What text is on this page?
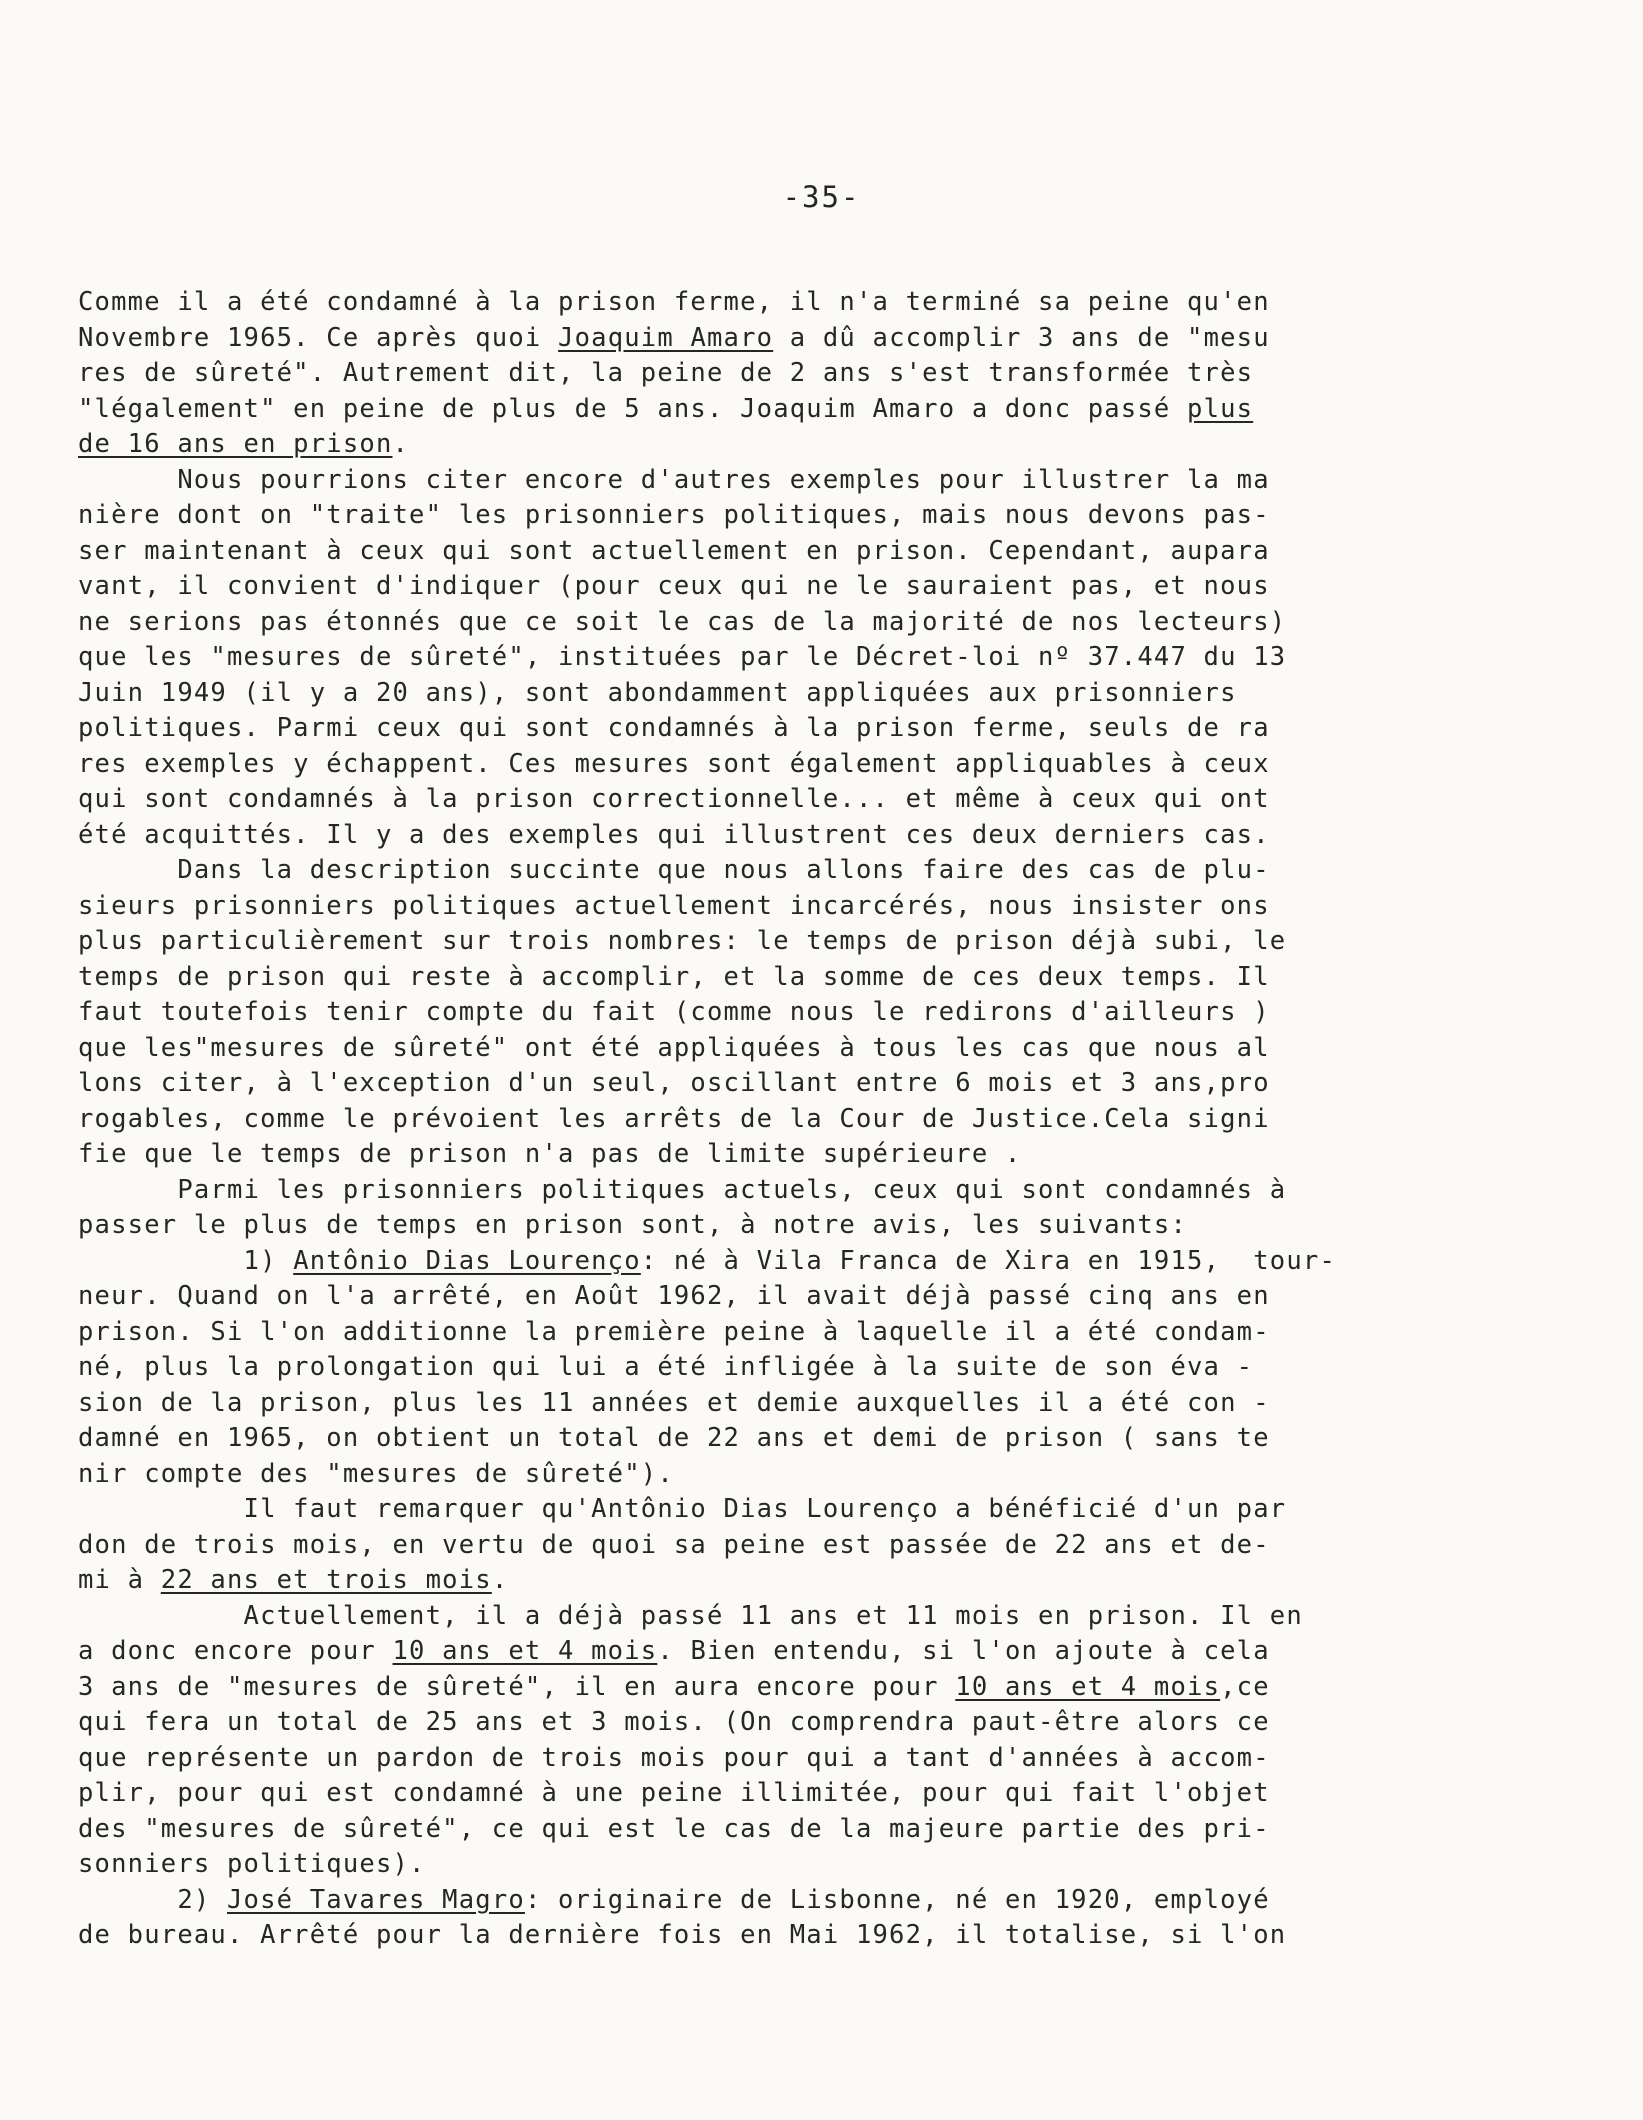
-35-
Comme il a été condamné à la prison ferme, il n'a terminé sa peine qu'en
Novembre 1965. Ce après quoi Joaquim Amaro a dû accomplir 3 ans de "mesu
res de sûreté". Autrement dit, la peine de 2 ans s'est transformée très
"légalement" en peine de plus de 5 ans. Joaquim Amaro a donc passé plus
de 16 ans en prison.
Nous pourrions citer encore d'autres exemples pour illustrer la ma
nière dont on "traite" les prisonniers politiques, mais nous devons pas-
ser maintenant à ceux qui sont actuellement en prison. Cependant, aupara
vant, il convient d'indiquer (pour ceux qui ne le sauraient pas, et nous
ne serions pas étonnés que ce soit le cas de la majorité de nos lecteurs)
que les "mesures de sûreté", instituées par le Décret-loi nº 37.447 du 13
Juin 1949 (il y a 20 ans), sont abondamment appliquées aux prisonniers
politiques. Parmi ceux qui sont condamnés à la prison ferme, seuls de ra
res exemples y échappent. Ces mesures sont également appliquables à ceux
qui sont condamnés à la prison correctionnelle... et même à ceux qui ont
été acquittés. Il y a des exemples qui illustrent ces deux derniers cas.
Dans la description succinte que nous allons faire des cas de plu-
sieurs prisonniers politiques actuellement incarcérés, nous insister ons
plus particulièrement sur trois nombres: le temps de prison déjà subi, le
temps de prison qui reste à accomplir, et la somme de ces deux temps. Il
faut toutefois tenir compte du fait (comme nous le redirons d'ailleurs )
que les"mesures de sûreté" ont été appliquées à tous les cas que nous al
lons citer, à l'exception d'un seul, oscillant entre 6 mois et 3 ans,pro
rogables, comme le prévoient les arrêts de la Cour de Justice.Cela signi
fie que le temps de prison n'a pas de limite supérieure .
Parmi les prisonniers politiques actuels, ceux qui sont condamnés à
passer le plus de temps en prison sont, à notre avis, les suivants:
1) Antônio Dias Lourenço: né à Vila Franca de Xira en 1915,  tour-
neur. Quand on l'a arrêté, en Août 1962, il avait déjà passé cinq ans en
prison. Si l'on additionne la première peine à laquelle il a été condam-
né, plus la prolongation qui lui a été infligée à la suite de son éva -
sion de la prison, plus les 11 années et demie auxquelles il a été con -
damné en 1965, on obtient un total de 22 ans et demi de prison ( sans te
nir compte des "mesures de sûreté").
Il faut remarquer qu'Antônio Dias Lourenço a bénéficié d'un par
don de trois mois, en vertu de quoi sa peine est passée de 22 ans et de-
mi à 22 ans et trois mois.
Actuellement, il a déjà passé 11 ans et 11 mois en prison. Il en
a donc encore pour 10 ans et 4 mois. Bien entendu, si l'on ajoute à cela
3 ans de "mesures de sûreté", il en aura encore pour 10 ans et 4 mois,ce
qui fera un total de 25 ans et 3 mois. (On comprendra paut-être alors ce
que représente un pardon de trois mois pour qui a tant d'années à accom-
plir, pour qui est condamné à une peine illimitée, pour qui fait l'objet
des "mesures de sûreté", ce qui est le cas de la majeure partie des pri-
sonniers politiques).
2) José Tavares Magro: originaire de Lisbonne, né en 1920, employé
de bureau. Arrêté pour la dernière fois en Mai 1962, il totalise, si l'on
